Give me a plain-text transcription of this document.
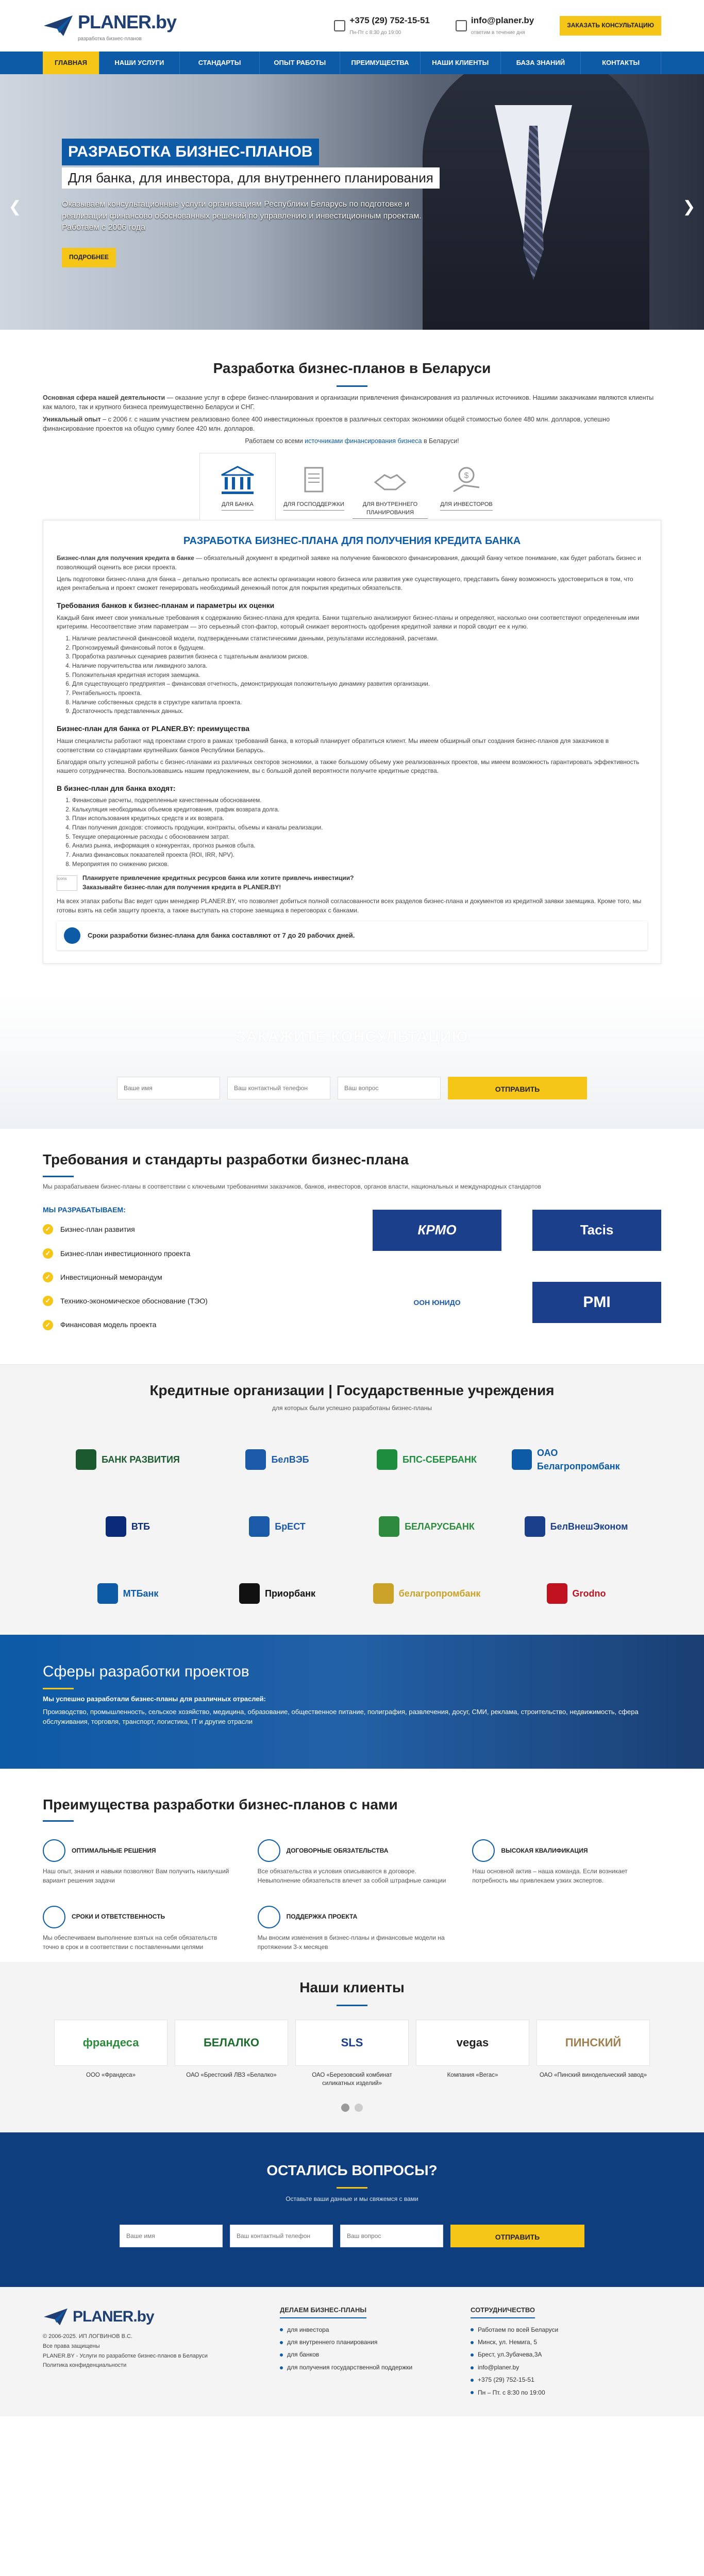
PLANER.by
разработка бизнес-планов
+375 (29) 752-15-51
Пн-Пт с 8:30 до 19:00
info@planer.by
ответим в течение дня
ЗАКАЗАТЬ КОНСУЛЬТАЦИЮ
ГЛАВНАЯ	НАШИ УСЛУГИ	СТАНДАРТЫ	ОПЫТ РАБОТЫ	ПРЕИМУЩЕСТВА	НАШИ КЛИЕНТЫ	БАЗА ЗНАНИЙ	КОНТАКТЫ
РАЗРАБОТКА БИЗНЕС-ПЛАНОВ
Для банка, для инвестора, для внутреннего планирования

Оказываем консультационные услуги организациям Республики Беларусь по подготовке и реализации финансово обоснованных решений по управлению и инвестиционным проектам. Работаем с 2006 года

ПОДРОБНЕЕ
❮	❯
Разработка бизнес-планов в Беларуси

Основная сфера нашей деятельности — оказание услуг в сфере бизнес-планирования и организации привлечения финансирования из различных источников. Нашими заказчиками являются клиенты как малого, так и крупного бизнеса преимущественно Беларуси и СНГ.

Уникальный опыт – с 2006 г. с нашим участием реализовано более 400 инвестиционных проектов в различных секторах экономики общей стоимостью более 480 млн. долларов, успешно финансирование проектов на общую сумму более 420 млн. долларов.

Работаем со всеми источниками финансирования бизнеса в Беларуси!

ДЛЯ БАНКА	ДЛЯ ГОСПОДДЕРЖКИ	ДЛЯ ВНУТРЕННЕГО ПЛАНИРОВАНИЯ
$
ДЛЯ ИНВЕСТОРОВ
РАЗРАБОТКА БИЗНЕС-ПЛАНА ДЛЯ ПОЛУЧЕНИЯ КРЕДИТА БАНКА

Бизнес-план для получения кредита в банке — обязательный документ в кредитной заявке на получение банковского финансирования, дающий банку четкое понимание, как будет работать бизнес и позволяющий оценить все риски проекта.

Цель подготовки бизнес-плана для банка – детально прописать все аспекты организации нового бизнеса или развития уже существующего, представить банку возможность удостовериться в том, что идея рентабельна и проект сможет генерировать необходимый денежный поток для покрытия кредитных обязательств.

Требования банков к бизнес-планам и параметры их оценки

Каждый банк имеет свои уникальные требования к содержанию бизнес-плана для кредита. Банки тщательно анализируют бизнес-планы и определяют, насколько они соответствуют определенным ими критериям. Несоответствие этим параметрам — это серьезный стоп-фактор, который снижает вероятность одобрения кредитной заявки и порой сводит ее к нулю.

1. Наличие реалистичной финансовой модели, подтвержденными статистическими данными, результатами исследований, расчетами.
2. Прогнозируемый финансовый поток в будущем.
3. Проработка различных сценариев развития бизнеса с тщательным анализом рисков.
4. Наличие поручительства или ликвидного залога.
5. Положительная кредитная история заемщика.
6. Для существующего предприятия – финансовая отчетность, демонстрирующая положительную динамику развития организации.
7. Рентабельность проекта.
8. Наличие собственных средств в структуре капитала проекта.
9. Достаточность представленных данных.
Бизнес-план для банка от PLANER.BY: преимущества

Наши специалисты работают над проектами строго в рамках требований банка, в который планирует обратиться клиент. Мы имеем обширный опыт создания бизнес-планов для заказчиков в соответствии со стандартами крупнейших банков Республики Беларусь.

Благодаря опыту успешной работы с бизнес-планами из различных секторов экономики, а также большому объему уже реализованных проектов, мы имеем возможность гарантировать эффективность нашего сотрудничества. Воспользовавшись нашим предложением, вы с большой долей вероятности получите кредитные средства.

В бизнес-план для банка входят:
1. Финансовые расчеты, подкрепленные качественным обоснованием.
2. Калькуляция необходимых объемов кредитования, график возврата долга.
3. План использования кредитных средств и их возврата.
4. План получения доходов: стоимость продукции, контракты, объемы и каналы реализации.
5. Текущие операционные расходы с обоснованием затрат.
6. Анализ рынка, информация о конкурентах, прогноз рынков сбыта.
7. Анализ финансовых показателей проекта (ROI, IRR, NPV).
8. Мероприятия по снижению рисков.
icons	Планируете привлечение кредитных ресурсов банка или хотите привлечь инвестиции?
Заказывайте бизнес-план для получения кредита в PLANER.BY!

На всех этапах работы Вас ведет один менеджер PLANER.BY, что позволяет добиться полной согласованности всех разделов бизнес-плана и документов из кредитной заявки заемщика. Кроме того, мы готовы взять на себя защиту проекта, а также выступать на стороне заемщика в переговорах с банками.

Сроки разработки бизнес-плана для банка составляют от 7 до 20 рабочих дней.
ЗАКАЖИТЕ КОНСУЛЬТАЦИЮ
Ваше имя
Ваш контактный телефон
Ваш вопрос
ОТПРАВИТЬ
Требования и стандарты разработки бизнес-плана

Мы разрабатываем бизнес-планы в соответствии с ключевыми требованиями заказчиков, банков, инвесторов, органов власти, национальных и международных стандартов

МЫ РАЗРАБАТЫВАЕМ:
✓	Бизнес-план развития
✓	Бизнес-план инвестиционного проекта
✓	Инвестиционный меморандум
✓	Технико-экономическое обоснование (ТЭО)
✓	Финансовая модель проекта
КРМО	Tacis
ООН ЮНИДО	PMI
Кредитные организации | Государственные учреждения

для которых были успешно разработаны бизнес-планы

БАНК РАЗВИТИЯ	БелВЭБ	БПС-СБЕРБАНК
ОАО Белагропромбанк
ВТБ	БрЕСТ	БЕЛАРУСБАНК	БелВнешЭконом
МТБанк	Приорбанк	белагропромбанк	Grodno
Сферы разработки проектов

Мы успешно разработали бизнес-планы для различных отраслей:

Производство, промышленность, сельское хозяйство, медицина, образование, общественное питание, полиграфия, развлечения, досуг, СМИ, реклама, строительство, недвижимость, сфера обслуживания, торговля, транспорт, логистика, IT и другие отрасли

Преимущества разработки бизнес-планов с нами
ОПТИМАЛЬНЫЕ РЕШЕНИЯ

Наш опыт, знания и навыки позволяют Вам получить наилучший вариант решения задачи

ДОГОВОРНЫЕ ОБЯЗАТЕЛЬСТВА

Все обязательства и условия описываются в договоре. Невыполнение обязательств влечет за собой штрафные санкции

ВЫСОКАЯ КВАЛИФИКАЦИЯ

Наш основной актив – наша команда. Если возникает потребность мы привлекаем узких экспертов.

СРОКИ И ОТВЕТСТВЕННОСТЬ

Мы обеспечиваем выполнение взятых на себя обязательств точно в срок и в соответствии с поставленными целями

ПОДДЕРЖКА ПРОЕКТА

Мы вносим изменения в бизнес-планы и финансовые модели на протяжении 3-х месяцев

Наши клиенты
франдеса

ООО «Франдеса»

БЕЛАЛКО

ОАО «Брестский ЛВЗ «Белалко»

SLS

ОАО «Березовский комбинат силикатных изделий»

vegas

Компания «Вегас»

ПИНСКИЙ

ОАО «Пинский винодельческий завод»

ОСТАЛИСЬ ВОПРОСЫ?

Оставьте ваши данные и мы свяжемся с вами

Ваше имя
Ваш контактный телефон
Ваш вопрос
ОТПРАВИТЬ
PLANER.by
© 2006-2025. ИП ЛОГВИНОВ В.С.
Все права защищены
PLANER.BY - Услуги по разработке бизнес-планов в Беларуси
Политика конфиденциальности
ДЕЛАЕМ БИЗНЕС-ПЛАНЫ
для инвестора
для внутреннего планирования
для банков
для получения государственной поддержки
СОТРУДНИЧЕСТВО
Работаем по всей Беларуси
Минск, ул. Немига, 5
Брест, ул.Зубачева,3А
info@planer.by
+375 (29) 752-15-51
Пн – Пт. с 8:30 по 19:00
